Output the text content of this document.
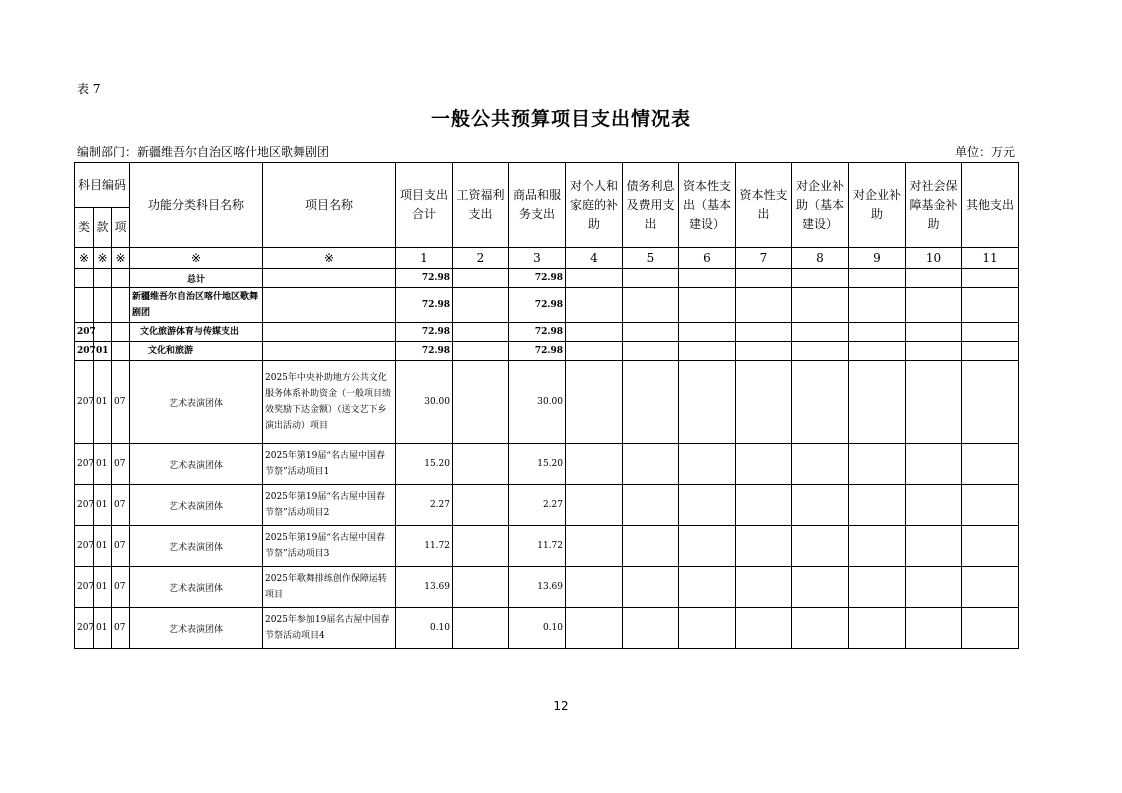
表 7
一般公共预算项目支出情况表
编制部门：新疆维吾尔自治区喀什地区歌舞剧团	单位：万元
科目编码			功能分类科目名称	项目名称	项目支出合计	工资福利支出	商品和服务支出	对个人和家庭的补助	债务利息及费用支出	资本性支出（基本建设）	资本性支出	对企业补助（基本建设）	对企业补助	对社会保障基金补助	其他支出
类	款	项													
※	※	※	※	※	1	2	3	4	5	6	7	8	9	10	11
			总计		72.98		72.98								
			新疆维吾尔自治区喀什地区歌舞剧团		72.98		72.98								
207			文化旅游体育与传媒支出		72.98		72.98								
207	01		文化和旅游		72.98		72.98								
207	01	07	艺术表演团体	2025年中央补助地方公共文化服务体系补助资金（一般项目绩效奖励下达金额）（送文艺下乡演出活动）项目	30.00		30.00								
207	01	07	艺术表演团体	2025年第19届“名古屋中国春节祭”活动项目1	15.20		15.20								
207	01	07	艺术表演团体	2025年第19届“名古屋中国春节祭”活动项目2	2.27		2.27								
207	01	07	艺术表演团体	2025年第19届“名古屋中国春节祭”活动项目3	11.72		11.72								
207	01	07	艺术表演团体	2025年歌舞排练创作保障运转项目	13.69		13.69								
207	01	07	艺术表演团体	2025年参加19届名古屋中国春节祭活动项目4	0.10		0.10								
12
